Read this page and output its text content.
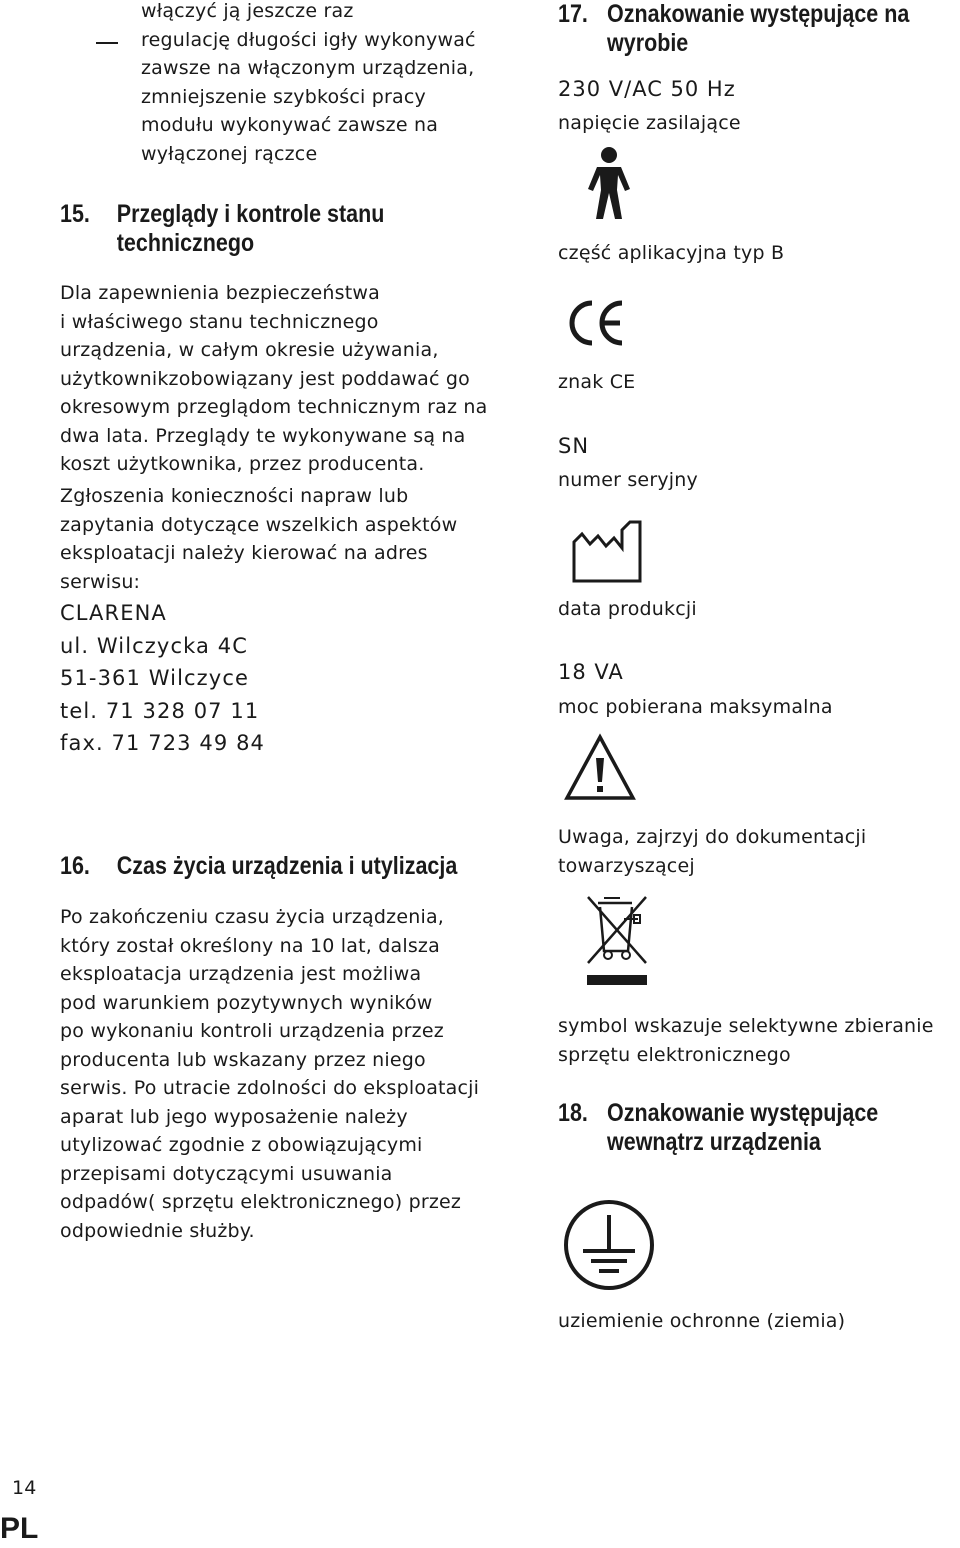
włączyć ją jeszcze raz
regulację długości igły wykonywać
zawsze na włączonym urządzenia,
zmniejszenie szybkości pracy
modułu wykonywać zawsze na
wyłączonej rączce
15. Przeglądy i kontrole stanu
technicznego
Dla zapewnienia bezpieczeństwa
i właściwego stanu technicznego
urządzenia, w całym okresie używania,
użytkownikzobowiązany jest poddawać go
okresowym przeglądom technicznym raz na
dwa lata. Przeglądy te wykonywane są na
koszt użytkownika, przez producenta.
Zgłoszenia konieczności napraw lub
zapytania dotyczące wszelkich aspektów
eksploatacji należy kierować na adres
serwisu:
CLARENA
ul. Wilczycka 4C
51-361 Wilczyce
tel. 71 328 07 11
fax. 71 723 49 84
16. Czas życia urządzenia i utylizacja
Po zakończeniu czasu życia urządzenia,
który został określony na 10 lat, dalsza
eksploatacja urządzenia jest możliwa
pod warunkiem pozytywnych wyników
po wykonaniu kontroli urządzenia przez
producenta lub wskazany przez niego
serwis. Po utracie zdolności do eksploatacji
aparat lub jego wyposażenie należy
utylizować zgodnie z obowiązującymi
przepisami dotyczącymi usuwania
odpadów( sprzętu elektronicznego) przez
odpowiednie służby.
17. Oznakowanie występujące na
wyrobie
230 V/AC 50 Hz
napięcie zasilające
część aplikacyjna typ B
znak CE
SN
numer seryjny
data produkcji
18 VA
moc pobierana maksymalna
Uwaga, zajrzyj do dokumentacji
towarzyszącej
symbol wskazuje selektywne zbieranie
sprzętu elektronicznego
18. Oznakowanie występujące
wewnątrz urządzenia
uziemienie ochronne (ziemia)
14
PL
